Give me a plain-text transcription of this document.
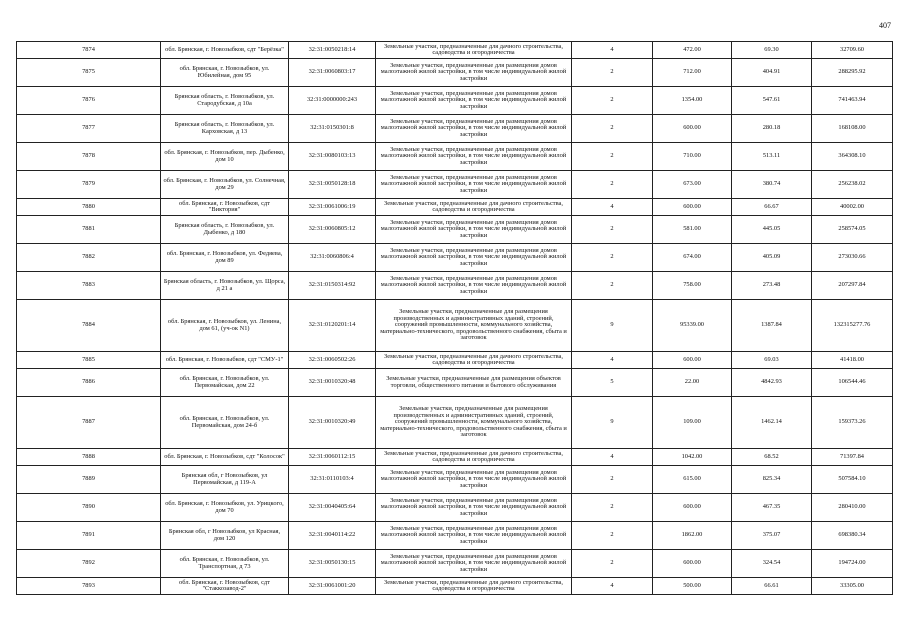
407
7874	обл. Брянская, г. Новозыбков, сдт "Берёзка"	32:31:0050218:14	Земельные участки, предназначенные для дачного строительства, садоводства и огородничества	4	472.00	69.30	32709.60
7875	обл. Брянская, г. Новозыбков, ул. Юбилейная, дом 95	32:31:0060803:17	Земельные участки, предназначенные для размещения домов малоэтажной жилой застройки, в том числе индивидуальной жилой застройки	2	712.00	404.91	288295.92
7876	Брянская область, г. Новозыбков, ул. Стародубская, д 10а	32:31:0000000:243	Земельные участки, предназначенные для размещения домов малоэтажной жилой застройки, в том числе индивидуальной жилой застройки	2	1354.00	547.61	741463.94
7877	Брянская область, г. Новозыбков, ул. Карховская, д 13	32:31:0150301:8	Земельные участки, предназначенные для размещения домов малоэтажной жилой застройки, в том числе индивидуальной жилой застройки	2	600.00	280.18	168108.00
7878	обл. Брянская, г. Новозыбков, пер. Дыбенко, дом 10	32:31:0080103:13	Земельные участки, предназначенные для размещения домов малоэтажной жилой застройки, в том числе индивидуальной жилой застройки	2	710.00	513.11	364308.10
7879	обл. Брянская, г. Новозыбков, ул. Солнечная, дом 29	32:31:0050128:18	Земельные участки, предназначенные для размещения домов малоэтажной жилой застройки, в том числе индивидуальной жилой застройки	2	673.00	380.74	256238.02
7880	обл. Брянская, г. Новозыбков, сдт "Виктория"	32:31:0061006:19	Земельные участки, предназначенные для дачного строительства, садоводства и огородничества	4	600.00	66.67	40002.00
7881	Брянская область, г. Новозыбков, ул. Дыбенко, д 180	32:31:0060805:12	Земельные участки, предназначенные для размещения домов малоэтажной жилой застройки, в том числе индивидуальной жилой застройки	2	581.00	445.05	258574.05
7882	обл. Брянская, г. Новозыбков, ул. Федяева, дом 89	32:31:0060806:4	Земельные участки, предназначенные для размещения домов малоэтажной жилой застройки, в том числе индивидуальной жилой застройки	2	674.00	405.09	273030.66
7883	Брянская область, г. Новозыбков, ул. Щорса, д 21 а	32:31:0150314:92	Земельные участки, предназначенные для размещения домов малоэтажной жилой застройки, в том числе индивидуальной жилой застройки	2	758.00	273.48	207297.84
7884	обл. Брянская, г. Новозыбков, ул. Ленина, дом 61, (уч-ок N1)	32:31:0120201:14	Земельные участки, предназначенные для размещения производственных и административных зданий, строений, сооружений промышленности, коммунального хозяйства, материально-технического, продовольственного снабжения, сбыта и заготовок	9	95339.00	1387.84	132315277.76
7885	обл. Брянская, г. Новозыбков, сдт "СМУ-1"	32:31:0060502:26	Земельные участки, предназначенные для дачного строительства, садоводства и огородничества	4	600.00	69.03	41418.00
7886	обл. Брянская, г. Новозыбков, ул. Первомайская, дом 22	32:31:0010320:48	Земельные участки, предназначенные для размещения объектов торговли, общественного питания и бытового обслуживания	5	22.00	4842.93	106544.46
7887	обл. Брянская, г. Новозыбков, ул. Первомайская, дом 24-б	32:31:0010320:49	Земельные участки, предназначенные для размещения производственных и административных зданий, строений, сооружений промышленности, коммунального хозяйства, материально-технического, продовольственного снабжения, сбыта и заготовок	9	109.00	1462.14	159373.26
7888	обл. Брянская, г. Новозыбков, сдт "Колосок"	32:31:0060112:15	Земельные участки, предназначенные для дачного строительства, садоводства и огородничества	4	1042.00	68.52	71397.84
7889	Брянская обл, г Новозыбков, ул Первомайская, д 119-А	32:31:0110103:4	Земельные участки, предназначенные для размещения домов малоэтажной жилой застройки, в том числе индивидуальной жилой застройки	2	615.00	825.34	507584.10
7890	обл. Брянская, г. Новозыбков, ул. Урицкого, дом 70	32:31:0040405:64	Земельные участки, предназначенные для размещения домов малоэтажной жилой застройки, в том числе индивидуальной жилой застройки	2	600.00	467.35	280410.00
7891	Брянская обл, г Новозыбков, ул Красная, дом 120	32:31:0040114:22	Земельные участки, предназначенные для размещения домов малоэтажной жилой застройки, в том числе индивидуальной жилой застройки	2	1862.00	375.07	698380.34
7892	обл. Брянская, г. Новозыбков, ул. Транспортная, д 73	32:31:0050130:15	Земельные участки, предназначенные для размещения домов малоэтажной жилой застройки, в том числе индивидуальной жилой застройки	2	600.00	324.54	194724.00
7893	обл. Брянская, г. Новозыбков, сдт "Стаккозавод-2"	32:31:0061001:20	Земельные участки, предназначенные для дачного строительства, садоводства и огородничества	4	500.00	66.61	33305.00
